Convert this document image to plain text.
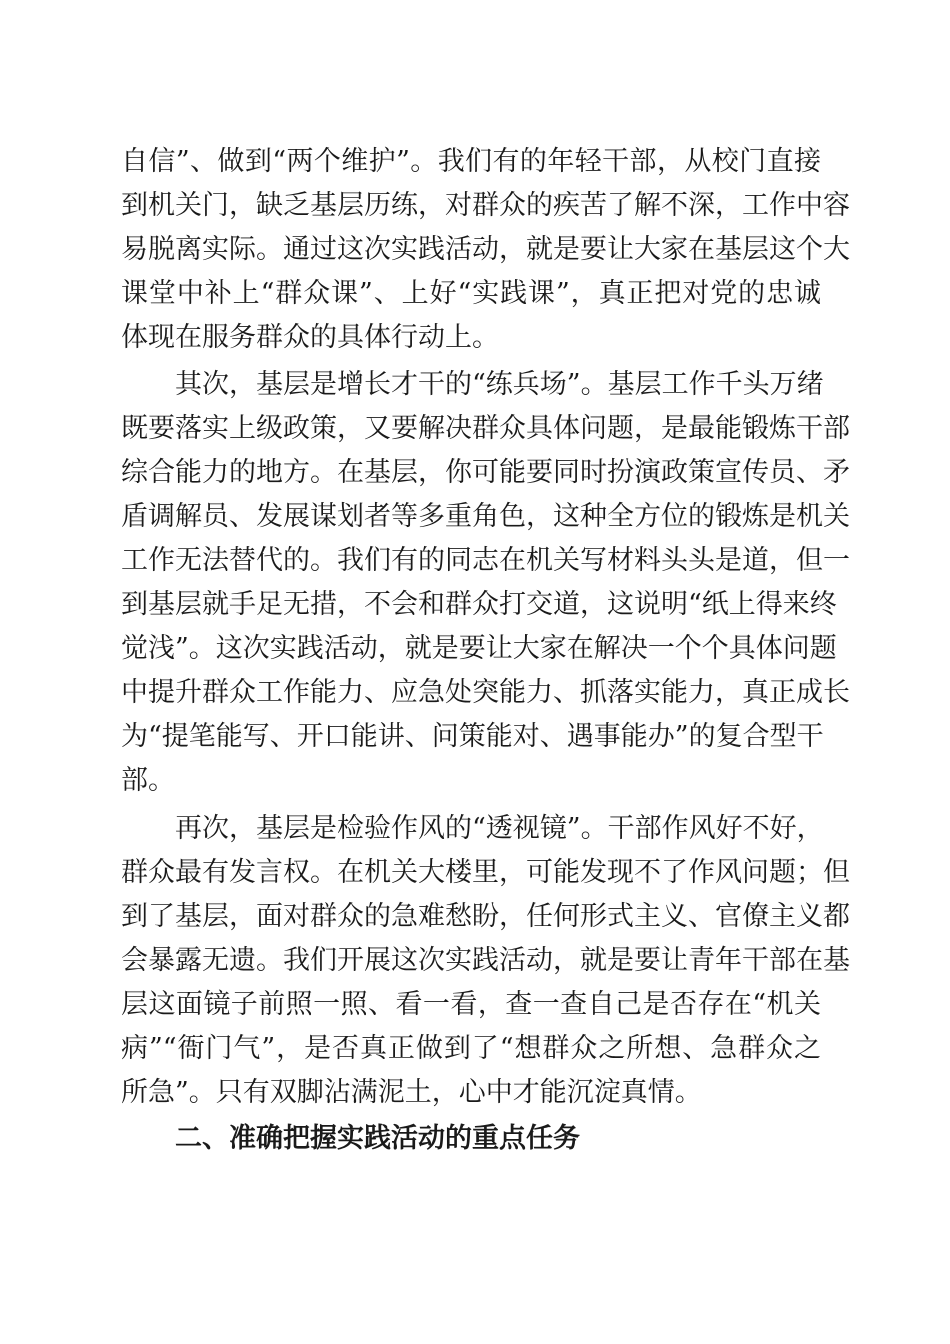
自信”、做到“两个维护”。我们有的年轻干部，从校门直接
到机关门，缺乏基层历练，对群众的疾苦了解不深，工作中容
易脱离实际。通过这次实践活动，就是要让大家在基层这个大
课堂中补上“群众课”、上好“实践课”，真正把对党的忠诚
体现在服务群众的具体行动上。
其次，基层是增长才干的“练兵场”。基层工作千头万绪
既要落实上级政策，又要解决群众具体问题，是最能锻炼干部
综合能力的地方。在基层，你可能要同时扮演政策宣传员、矛
盾调解员、发展谋划者等多重角色，这种全方位的锻炼是机关
工作无法替代的。我们有的同志在机关写材料头头是道，但一
到基层就手足无措，不会和群众打交道，这说明“纸上得来终
觉浅”。这次实践活动，就是要让大家在解决一个个具体问题
中提升群众工作能力、应急处突能力、抓落实能力，真正成长
为“提笔能写、开口能讲、问策能对、遇事能办”的复合型干
部。
再次，基层是检验作风的“透视镜”。干部作风好不好，
群众最有发言权。在机关大楼里，可能发现不了作风问题；但
到了基层，面对群众的急难愁盼，任何形式主义、官僚主义都
会暴露无遗。我们开展这次实践活动，就是要让青年干部在基
层这面镜子前照一照、看一看，查一查自己是否存在“机关
病”“衙门气”，是否真正做到了“想群众之所想、急群众之
所急”。只有双脚沾满泥土，心中才能沉淀真情。
二、准确把握实践活动的重点任务
